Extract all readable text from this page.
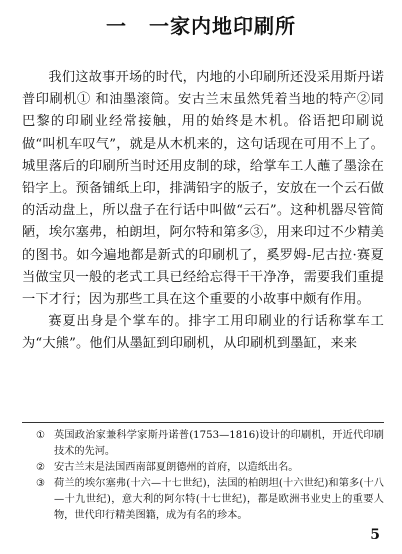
一 一家内地印刷所

我们这故事开场的时代，内地的小印刷所还没采用斯丹诺普印刷机① 和油墨滚筒。安古兰末虽然凭着当地的特产②同巴黎的印刷业经常接触，用的始终是木机。俗语把印刷说做“叫机车叹气”，就是从木机来的，这句话现在可用不上了。城里落后的印刷所当时还用皮制的球，给掌车工人蘸了墨涂在铅字上。预备铺纸上印，排满铅字的版子，安放在一个云石做的活动盘上，所以盘子在行话中叫做“云石”。这种机器尽管简陋，埃尔塞弗，柏朗坦，阿尔特和第多③，用来印过不少精美的图书。如今遍地都是新式的印刷机了，奚罗姆-尼古拉·赛夏当做宝贝一般的老式工具已经给忘得干干净净，需要我们重提一下才行；因为那些工具在这个重要的小故事中颇有作用。

赛夏出身是个掌车的。排字工用印刷业的行话称掌车工为“大熊”。他们从墨缸到印刷机，从印刷机到墨缸，来来

① 英国政治家兼科学家斯丹诺普(1753—1816)设计的印刷机，开近代印刷技术的先河。
② 安古兰末是法国西南部夏朗德州的首府，以造纸出名。
③ 荷兰的埃尔塞弗(十六—十七世纪)，法国的柏朗坦(十六世纪)和第多(十八—十九世纪)，意大利的阿尔特(十七世纪)，都是欧洲书业史上的重要人物，世代印行精美图籍，成为有名的珍本。
5
